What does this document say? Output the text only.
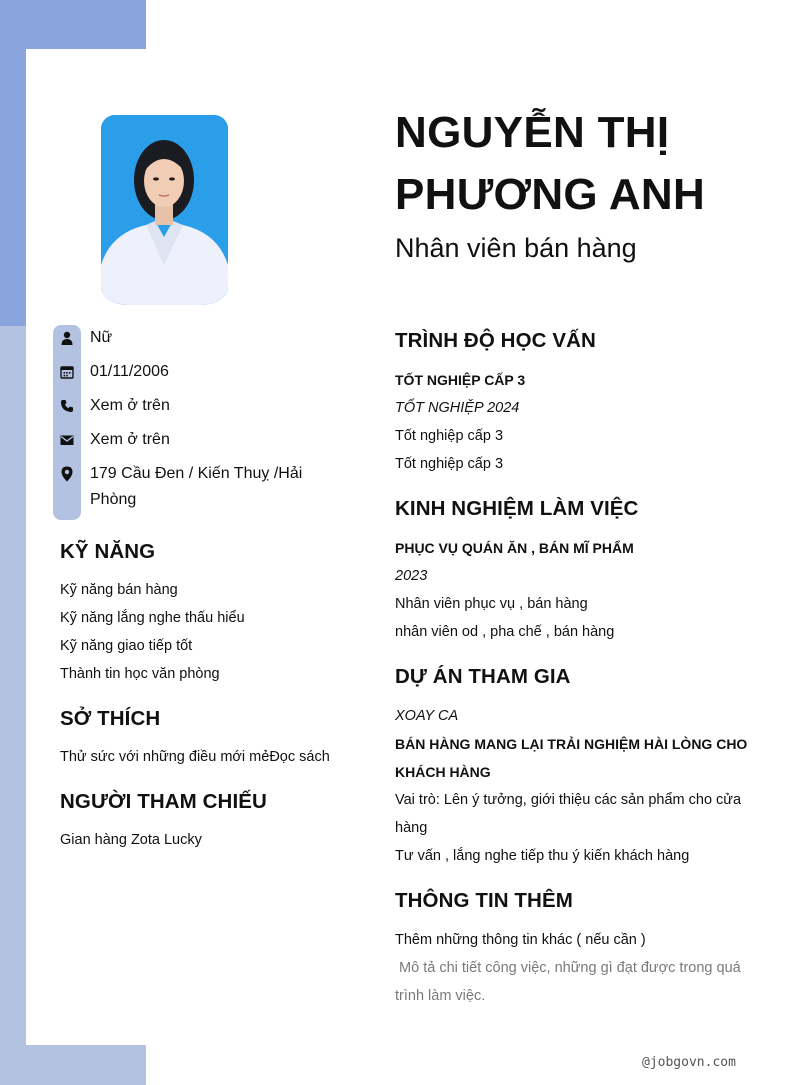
Nữ
01/11/2006
Xem ở trên
Xem ở trên
179 Cầu Đen / Kiến Thuỵ /Hải Phòng
KỸ NĂNG
Kỹ năng bán hàng
Kỹ năng lắng nghe thấu hiểu
Kỹ năng giao tiếp tốt
Thành tin học văn phòng
SỞ THÍCH
Thử sức với những điều mới mẻĐọc sách
NGƯỜI THAM CHIẾU
Gian hàng Zota Lucky
NGUYỄN THỊ
PHƯƠNG ANH
Nhân viên bán hàng
TRÌNH ĐỘ HỌC VẤN
TỐT NGHIỆP CẤP 3
TỐT NGHIỆP 2024
Tốt nghiệp cấp 3
Tốt nghiệp cấp 3
KINH NGHIỆM LÀM VIỆC
PHỤC VỤ QUÁN ĂN , BÁN MĨ PHẨM
2023
Nhân viên phục vụ , bán hàng
nhân viên od , pha chế , bán hàng
DỰ ÁN THAM GIA
XOAY CA
BÁN HÀNG MANG LẠI TRẢI NGHIỆM HÀI LÒNG CHO
KHÁCH HÀNG
Vai trò: Lên ý tưởng, giới thiệu các sản phẩm cho cửa
hàng
Tư vấn , lắng nghe tiếp thu ý kiến khách hàng
THÔNG TIN THÊM
Thêm những thông tin khác ( nếu cần )
Mô tả chi tiết công việc, những gì đạt được trong quá
trình làm việc.
@jobgovn.com
